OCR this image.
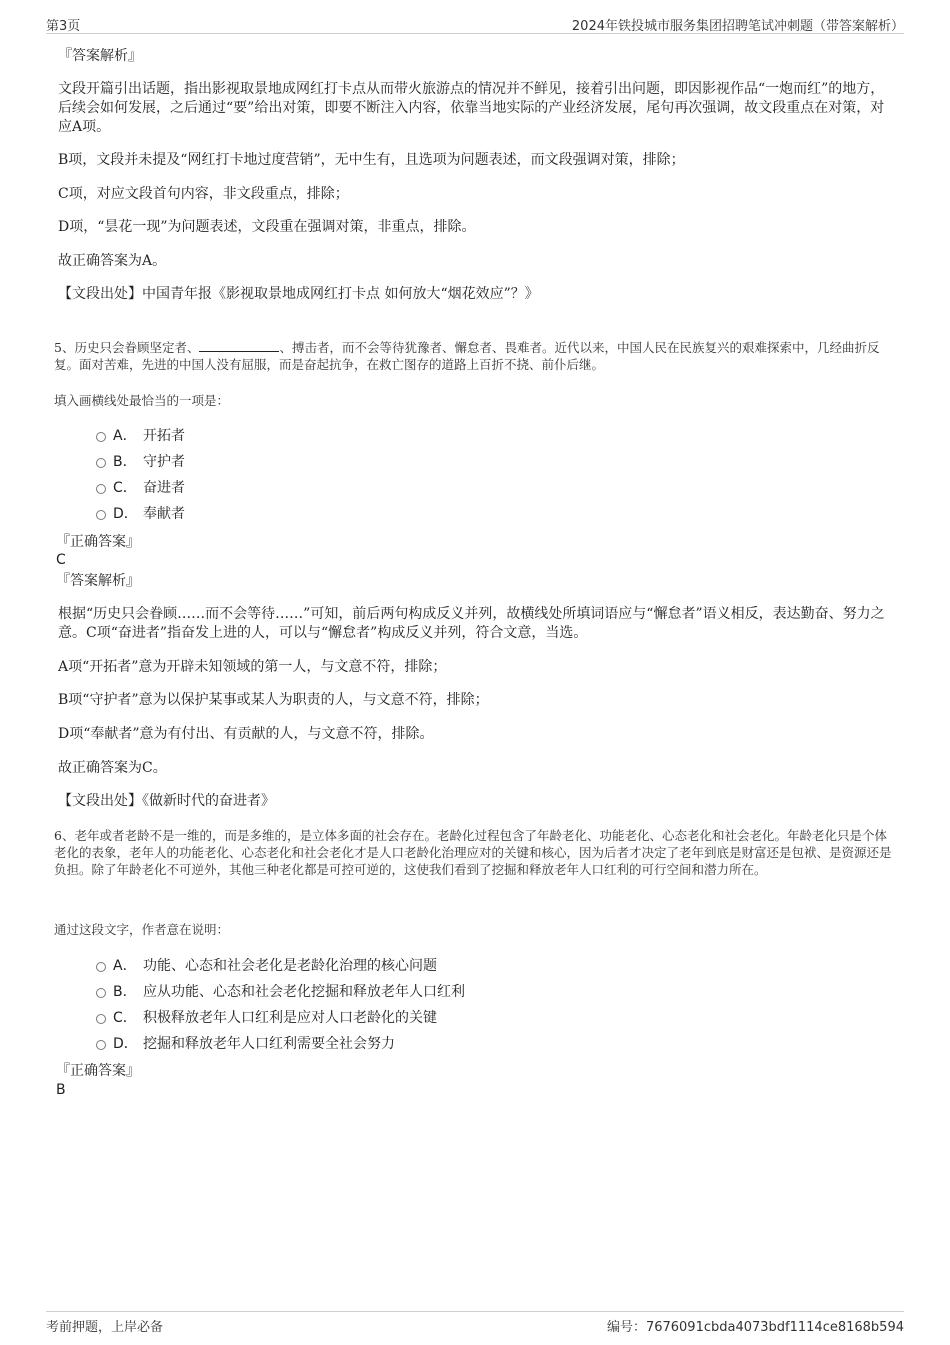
第3页	2024年铁投城市服务集团招聘笔试冲刺题（带答案解析）
『答案解析』
文段开篇引出话题，指出影视取景地成网红打卡点从而带火旅游点的情况并不鲜见，接着引出问题，即因影视作品“一炮而红”的地方，后续会如何发展，之后通过“要”给出对策，即要不断注入内容，依靠当地实际的产业经济发展，尾句再次强调，故文段重点在对策，对应A项。
B项，文段并未提及“网红打卡地过度营销”，无中生有，且选项为问题表述，而文段强调对策，排除；
C项，对应文段首句内容，非文段重点，排除；
D项，“昙花一现”为问题表述，文段重在强调对策，非重点，排除。
故正确答案为A。
【文段出处】中国青年报《影视取景地成网红打卡点 如何放大“烟花效应”？》
5、历史只会眷顾坚定者、	、搏击者，而不会等待犹豫者、懈怠者、畏难者。近代以来，中国人民在民族复兴的艰难探索中，几经曲折反复。面对苦难，先进的中国人没有屈服，而是奋起抗争，在救亡图存的道路上百折不挠、前仆后继。
填入画横线处最恰当的一项是：
A． 开拓者
B． 守护者
C． 奋进者
D． 奉献者
『正确答案』
C
『答案解析』
根据“历史只会眷顾……而不会等待……”可知，前后两句构成反义并列，故横线处所填词语应与“懈怠者”语义相反，表达勤奋、努力之意。C项“奋进者”指奋发上进的人，可以与“懈怠者”构成反义并列，符合文意，当选。
A项“开拓者”意为开辟未知领域的第一人，与文意不符，排除；
B项“守护者”意为以保护某事或某人为职责的人，与文意不符，排除；
D项“奉献者”意为有付出、有贡献的人，与文意不符，排除。
故正确答案为C。
【文段出处】《做新时代的奋进者》
6、老年或者老龄不是一维的，而是多维的，是立体多面的社会存在。老龄化过程包含了年龄老化、功能老化、心态老化和社会老化。年龄老化只是个体老化的表象，老年人的功能老化、心态老化和社会老化才是人口老龄化治理应对的关键和核心，因为后者才决定了老年到底是财富还是包袱、是资源还是负担。除了年龄老化不可逆外，其他三种老化都是可控可逆的，这使我们看到了挖掘和释放老年人口红利的可行空间和潜力所在。
通过这段文字，作者意在说明：
A． 功能、心态和社会老化是老龄化治理的核心问题
B． 应从功能、心态和社会老化挖掘和释放老年人口红利
C． 积极释放老年人口红利是应对人口老龄化的关键
D． 挖掘和释放老年人口红利需要全社会努力
『正确答案』
B
考前押题，上岸必备	编号：7676091cbda4073bdf1114ce8168b594
